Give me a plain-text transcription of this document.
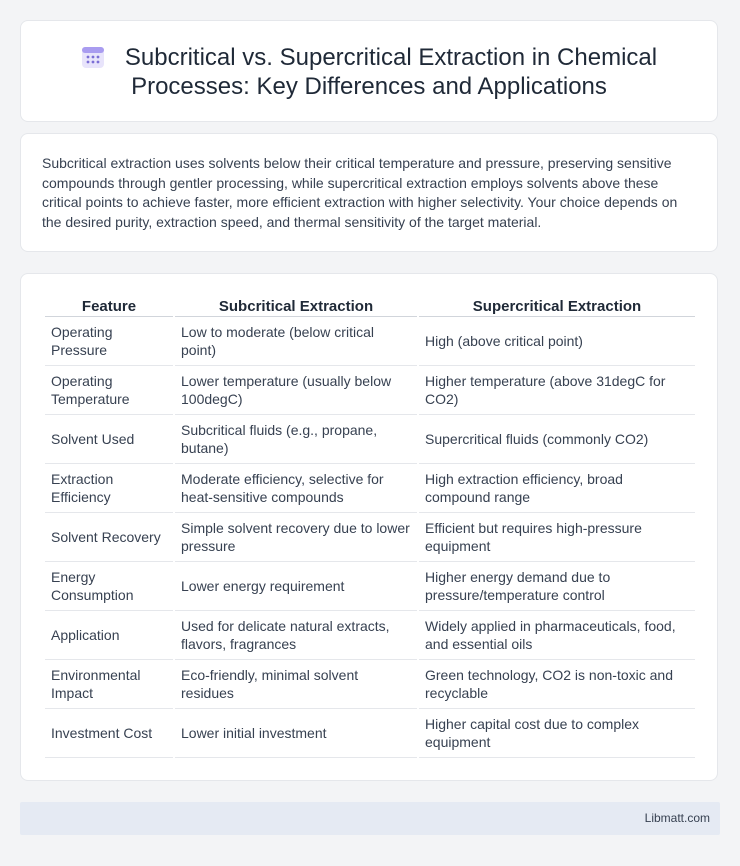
Subcritical vs. Supercritical Extraction in Chemical
Processes: Key Differences and Applications
Subcritical extraction uses solvents below their critical temperature and pressure, preserving sensitive compounds through gentler processing, while supercritical extraction employs solvents above these critical points to achieve faster, more efficient extraction with higher selectivity. Your choice depends on the desired purity, extraction speed, and thermal sensitivity of the target material.
Feature	Subcritical Extraction	Supercritical Extraction
Operating Pressure	Low to moderate (below critical point)	High (above critical point)
Operating Temperature	Lower temperature (usually below 100degC)	Higher temperature (above 31degC for CO2)
Solvent Used	Subcritical fluids (e.g., propane, butane)	Supercritical fluids (commonly CO2)
Extraction Efficiency	Moderate efficiency, selective for heat-sensitive compounds	High extraction efficiency, broad compound range
Solvent Recovery	Simple solvent recovery due to lower pressure	Efficient but requires high-pressure equipment
Energy Consumption	Lower energy requirement	Higher energy demand due to pressure/temperature control
Application	Used for delicate natural extracts, flavors, fragrances	Widely applied in pharmaceuticals, food, and essential oils
Environmental Impact	Eco-friendly, minimal solvent residues	Green technology, CO2 is non-toxic and recyclable
Investment Cost	Lower initial investment	Higher capital cost due to complex equipment
Libmatt.com
